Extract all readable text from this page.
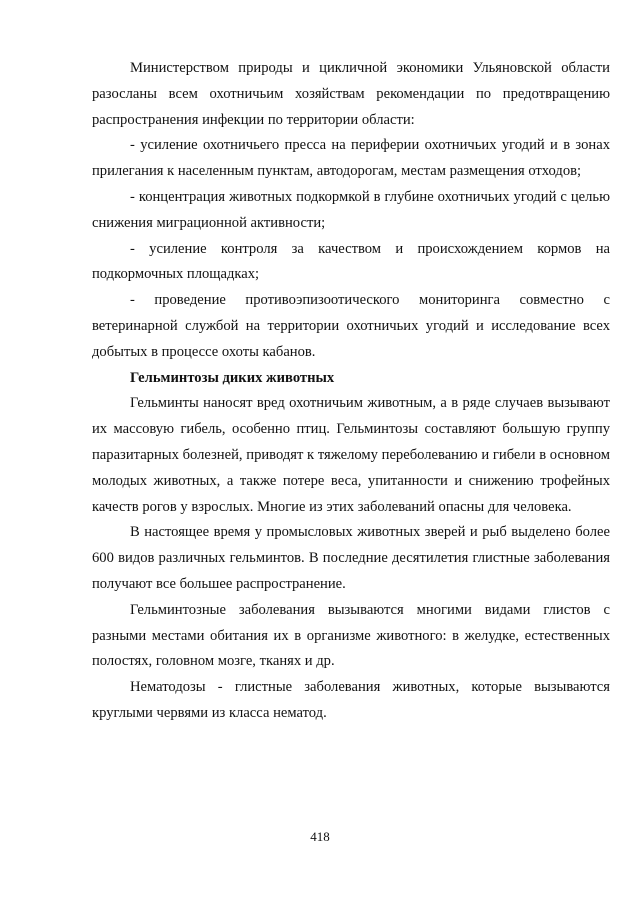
Министерством природы и цикличной экономики Ульяновской области разосланы всем охотничьим хозяйствам рекомендации по предотвращению распространения инфекции по территории области:

- усиление охотничьего пресса на периферии охотничьих угодий и в зонах прилегания к населенным пунктам, автодорогам, местам размещения отходов;

- концентрация животных подкормкой в глубине охотничьих угодий с целью снижения миграционной активности;

- усиление контроля за качеством и происхождением кормов на подкормочных площадках;

- проведение противоэпизоотического мониторинга совместно с ветеринарной службой на территории охотничьих угодий и исследование всех добытых в процессе охоты кабанов.

Гельминтозы диких животных

Гельминты наносят вред охотничьим животным, а в ряде случаев вызывают их массовую гибель, особенно птиц. Гельминтозы составляют большую группу паразитарных болезней, приводят к тяжелому переболеванию и гибели в основном молодых животных, а также потере веса, упитанности и снижению трофейных качеств рогов у взрослых. Многие из этих заболеваний опасны для человека.

В настоящее время у промысловых животных зверей и рыб выделено более 600 видов различных гельминтов. В последние десятилетия глистные заболевания получают все большее распространение.

Гельминтозные заболевания вызываются многими видами глистов с разными местами обитания их в организме животного: в желудке, естественных полостях, головном мозге, тканях и др.

Нематодозы - глистные заболевания животных, которые вызываются круглыми червями из класса нематод.

418
